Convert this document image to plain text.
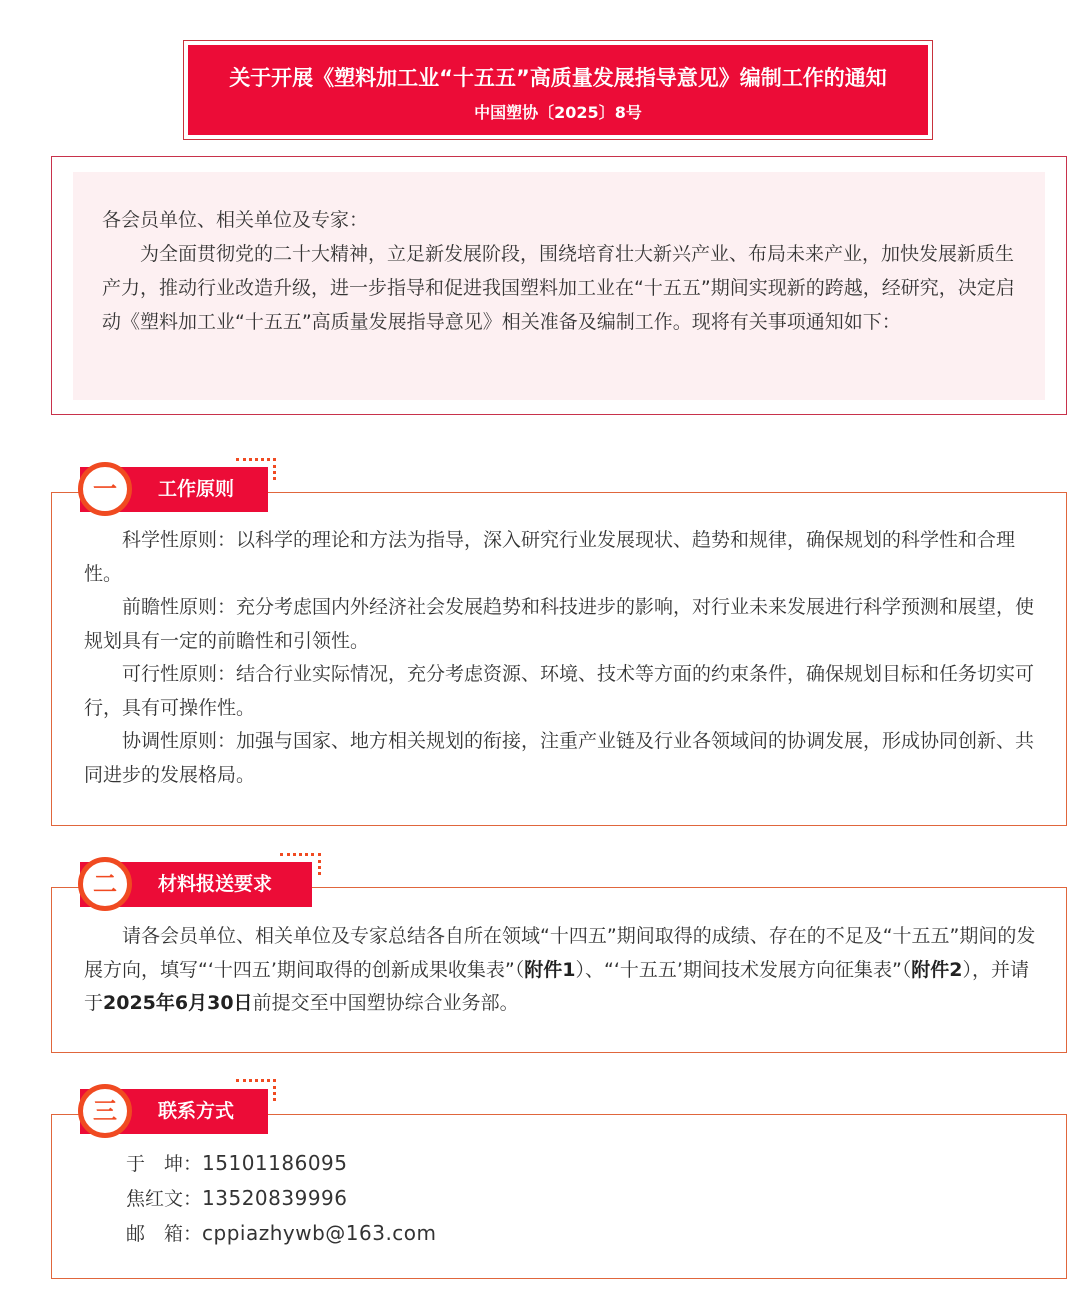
关于开展《塑料加工业“十五五”高质量发展指导意见》编制工作的通知
中国塑协〔2025〕8号

各会员单位、相关单位及专家：

为全面贯彻党的二十大精神，立足新发展阶段，围绕培育壮大新兴产业、布局未来产业，加快发展新质生产力，推动行业改造升级，进一步指导和促进我国塑料加工业在“十五五”期间实现新的跨越，经研究，决定启动《塑料加工业“十五五”高质量发展指导意见》相关准备及编制工作。现将有关事项通知如下：

科学性原则：以科学的理论和方法为指导，深入研究行业发展现状、趋势和规律，确保规划的科学性和合理性。

前瞻性原则：充分考虑国内外经济社会发展趋势和科技进步的影响，对行业未来发展进行科学预测和展望，使规划具有一定的前瞻性和引领性。

可行性原则：结合行业实际情况，充分考虑资源、环境、技术等方面的约束条件，确保规划目标和任务切实可行，具有可操作性。

协调性原则：加强与国家、地方相关规划的衔接，注重产业链及行业各领域间的协调发展，形成协同创新、共同进步的发展格局。

工作原则
一

请各会员单位、相关单位及专家总结各自所在领域“十四五”期间取得的成绩、存在的不足及“十五五”期间的发展方向，填写“‘十四五’期间取得的创新成果收集表”（附件1）、“‘十五五’期间技术发展方向征集表”（附件2），并请于2025年6月30日前提交至中国塑协综合业务部。

材料报送要求
二
于　坤：15101186095
焦红文：13520839996
邮　箱：cppiazhywb@163.com
联系方式
三
